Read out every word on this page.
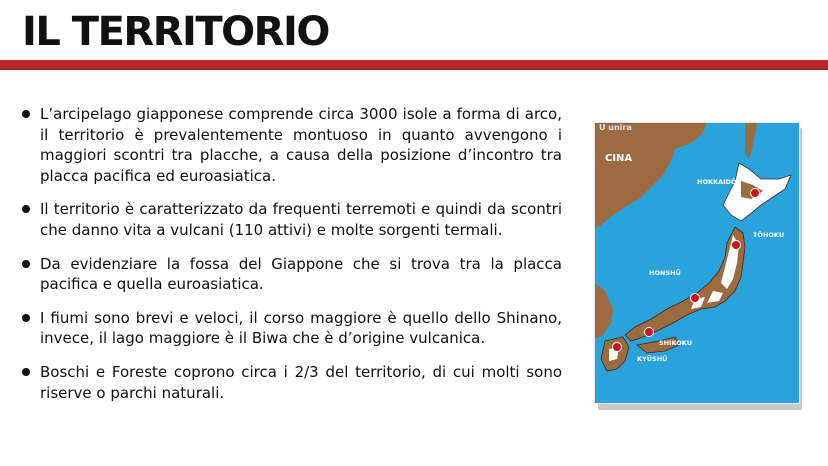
IL TERRITORIO
L’arcipelago giapponese comprende circa 3000 isole a forma di arco, il territorio è prevalentemente montuoso in quanto avvengono i maggiori scontri tra placche, a causa della posizione d’incontro tra placca pacifica ed euroasiatica.
Il territorio è caratterizzato da frequenti terremoti e quindi da scontri che danno vita a vulcani (110 attivi) e molte sorgenti termali.
Da evidenziare la fossa del Giappone che si trova tra la placca pacifica e quella euroasiatica.
I fiumi sono brevi e veloci, il corso maggiore è quello dello Shinano, invece, il lago maggiore è il Biwa che è d’origine vulcanica.
Boschi e Foreste coprono circa i 2/3 del territorio, di cui molti sono riserve o parchi naturali.
U unira
CINA
HOKKAIDŌ
TŌHOKU
HONSHŪ
SHIKOKU
KYŪSHŪ
